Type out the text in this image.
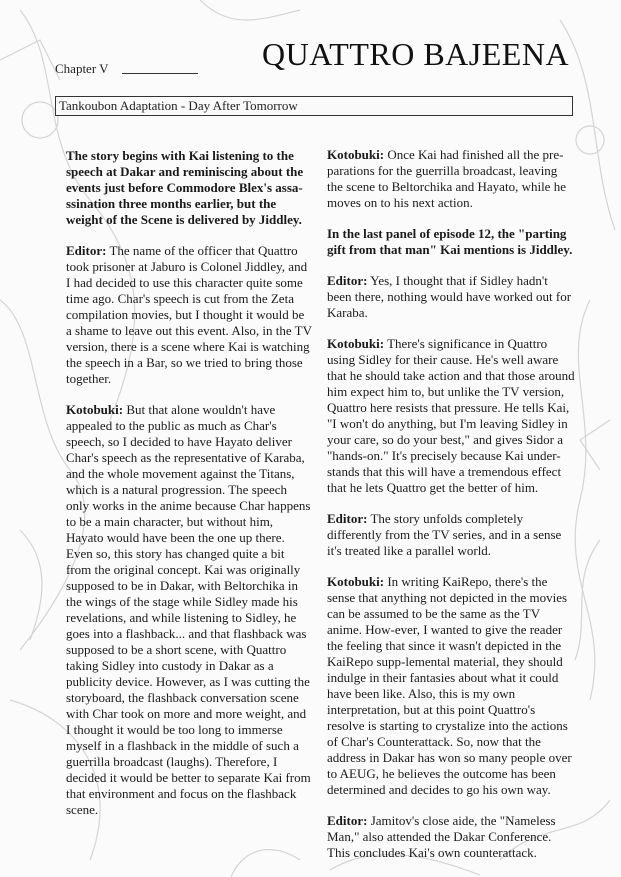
Chapter V	QUATTRO BAJEENA
Tankoubon Adaptation - Day After Tomorrow

The story begins with Kai listening to the speech at Dakar and reminiscing about the events just before Commodore Blex's assa-ssination three months earlier, but the weight of the Scene is delivered by Jiddley.

Editor: The name of the officer that Quattro took prisoner at Jaburo is Colonel Jiddley, and I had decided to use this character quite some time ago. Char's speech is cut from the Zeta compilation movies, but I thought it would be a shame to leave out this event. Also, in the TV version, there is a scene where Kai is watching the speech in a Bar, so we tried to bring those together.

Kotobuki: But that alone wouldn't have appealed to the public as much as Char's speech, so I decided to have Hayato deliver Char's speech as the representative of Karaba, and the whole movement against the Titans, which is a natural progression. The speech only works in the anime because Char happens to be a main character, but without him, Hayato would have been the one up there. Even so, this story has changed quite a bit from the original concept. Kai was originally supposed to be in Dakar, with Beltorchika in the wings of the stage while Sidley made his revelations, and while listening to Sidley, he goes into a flashback... and that flashback was supposed to be a short scene, with Quattro taking Sidley into custody in Dakar as a publicity device. However, as I was cutting the storyboard, the flashback conversation scene with Char took on more and more weight, and I thought it would be too long to immerse myself in a flashback in the middle of such a guerrilla broadcast (laughs). Therefore, I decided it would be better to separate Kai from that environment and focus on the flashback scene.

Kotobuki: Once Kai had finished all the pre-parations for the guerrilla broadcast, leaving the scene to Beltorchika and Hayato, while he moves on to his next action.

In the last panel of episode 12, the "parting gift from that man" Kai mentions is Jiddley.

Editor: Yes, I thought that if Sidley hadn't been there, nothing would have worked out for Karaba.

Kotobuki: There's significance in Quattro using Sidley for their cause. He's well aware that he should take action and that those around him expect him to, but unlike the TV version, Quattro here resists that pressure. He tells Kai, "I won't do anything, but I'm leaving Sidley in your care, so do your best," and gives Sidor a "hands-on." It's precisely because Kai under-stands that this will have a tremendous effect that he lets Quattro get the better of him.

Editor: The story unfolds completely differently from the TV series, and in a sense it's treated like a parallel world.

Kotobuki: In writing KaiRepo, there's the sense that anything not depicted in the movies can be assumed to be the same as the TV anime. How-ever, I wanted to give the reader the feeling that since it wasn't depicted in the KaiRepo supp-lemental material, they should indulge in their fantasies about what it could have been like. Also, this is my own interpretation, but at this point Quattro's resolve is starting to crystalize into the actions of Char's Counterattack. So, now that the address in Dakar has won so many people over to AEUG, he believes the outcome has been determined and decides to go his own way.

Editor: Jamitov's close aide, the "Nameless Man," also attended the Dakar Conference. This concludes Kai's own counterattack.
